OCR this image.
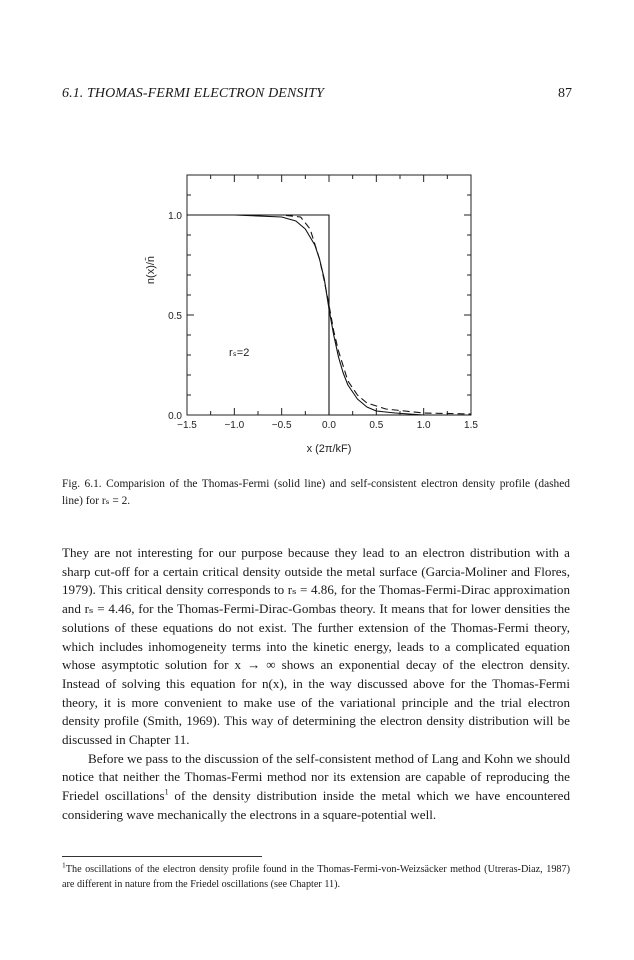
6.1. THOMAS-FERMI ELECTRON DENSITY	87
−1.5	−1.0	−0.5	0.0	0.5	1.0	1.5
0.0
0.5
1.0
x (2π/kF)
n(x)/n̄
rₛ=2
Fig. 6.1. Comparision of the Thomas-Fermi (solid line) and self-consistent electron density profile (dashed line) for rₛ = 2.

They are not interesting for our purpose because they lead to an electron distribution with a sharp cut-off for a certain critical density outside the metal surface (Garcia-Moliner and Flores, 1979). This critical density corresponds to rₛ = 4.86, for the Thomas-Fermi-Dirac approximation and rₛ = 4.46, for the Thomas-Fermi-Dirac-Gombas theory. It means that for lower densities the solutions of these equations do not exist. The further extension of the Thomas-Fermi theory, which includes inhomogeneity terms into the kinetic energy, leads to a complicated equation whose asymptotic solution for x → ∞ shows an exponential decay of the electron density. Instead of solving this equation for n(x), in the way discussed above for the Thomas-Fermi theory, it is more convenient to make use of the variational principle and the trial electron density profile (Smith, 1969). This way of determining the electron density distribution will be discussed in Chapter 11.

Before we pass to the discussion of the self-consistent method of Lang and Kohn we should notice that neither the Thomas-Fermi method nor its extension are capable of reproducing the Friedel oscillations$^1$ of the density distribution inside the metal which we have encountered considering wave mechanically the electrons in a square-potential well.

$^1$The oscillations of the electron density profile found in the Thomas-Fermi-von-Weizsäcker method (Utreras-Diaz, 1987) are different in nature from the Friedel oscillations (see Chapter 11).
